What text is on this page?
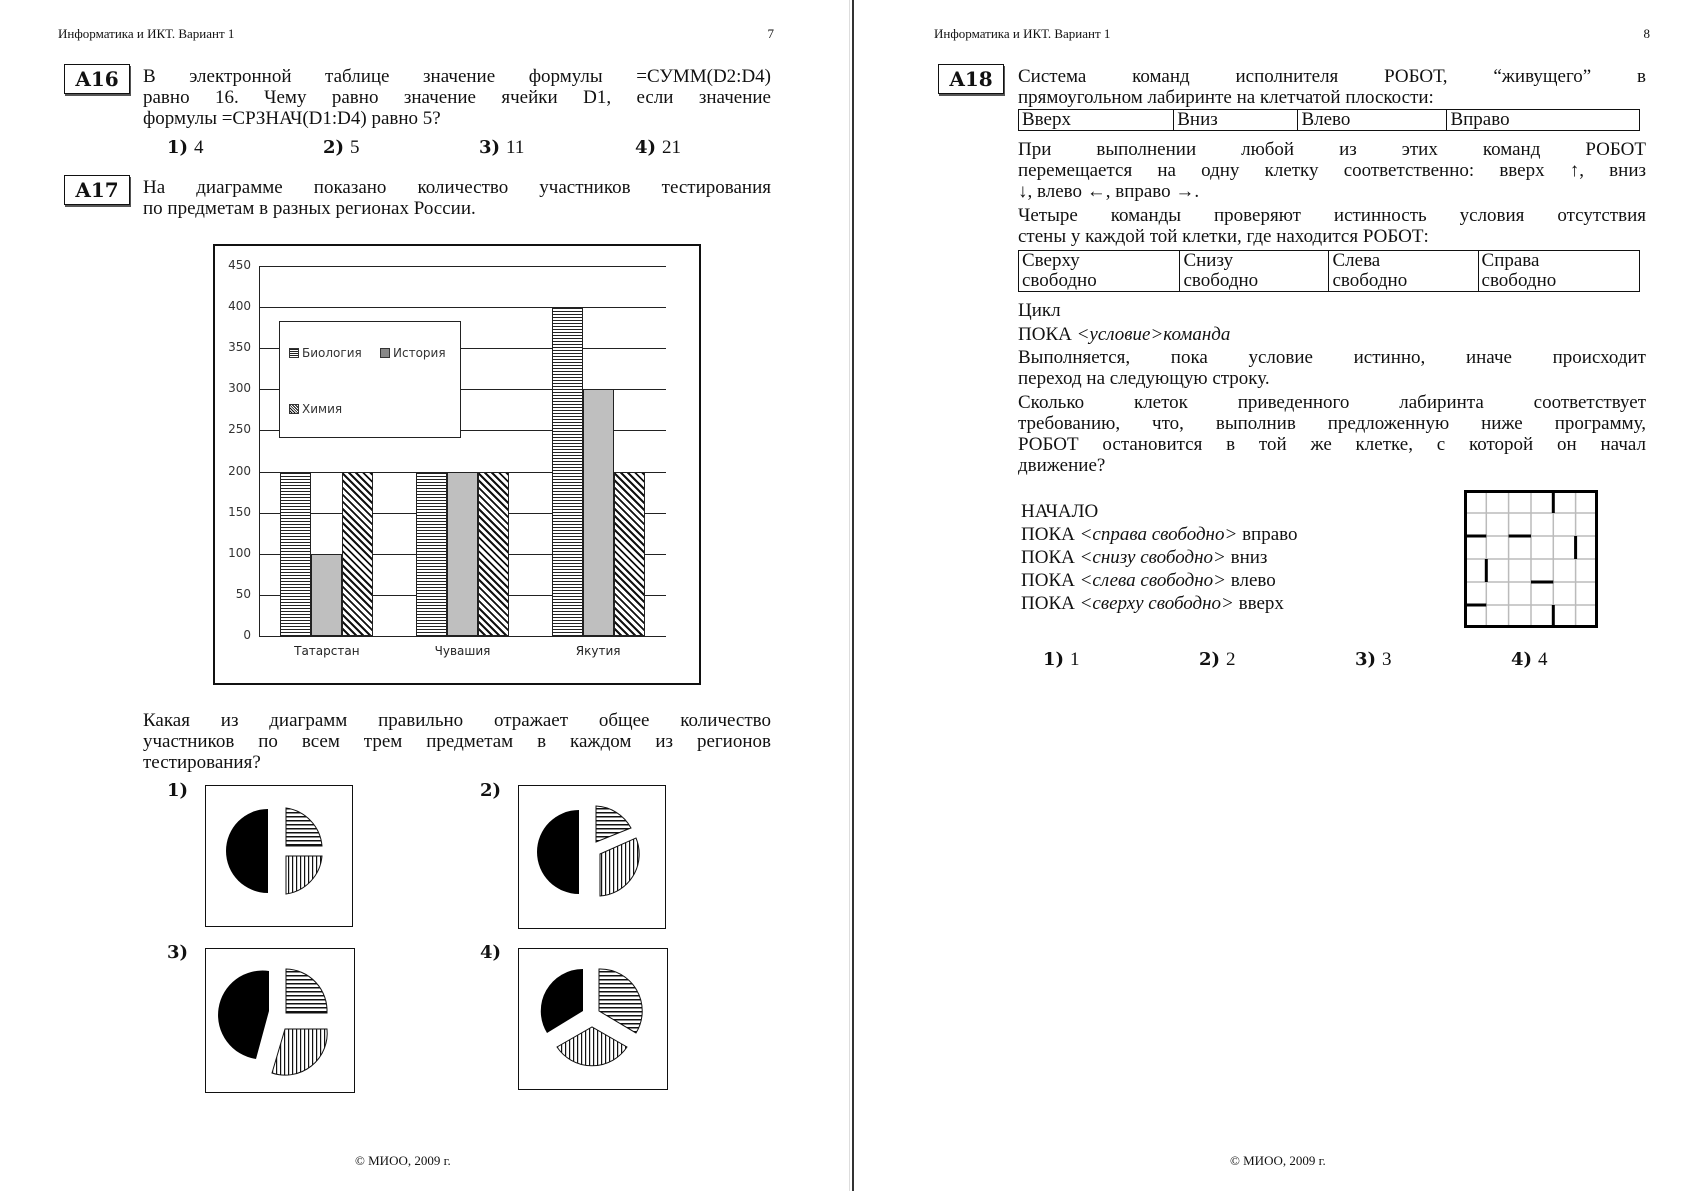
Информатика и ИКТ. Вариант 1	7
A16	В электронной таблице значение формулы =СУММ(D2:D4)
равно 16. Чему равно значение ячейки D1, если значение
формулы =СРЗНАЧ(D1:D4) равно 5?
1) 4	2) 5	3) 11	4) 21
A17	На диаграмме показано количество участников тестирования
по предметам в разных регионах России.
0
50
100
150
200
250
300
350
400
450
Татарстан	Чувашия	Якутия
Биология	История
Химия
Какая из диаграмм правильно отражает общее количество
участников по всем трем предметам в каждом из регионов
тестирования?
1)	2)
3)	4)
© МИОО, 2009 г.
Информатика и ИКТ. Вариант 1	8
A18	Система команд исполнителя РОБОТ, “живущего” в
прямоугольном лабиринте на клетчатой плоскости:
Вверх	Вниз	Влево	Вправо
При выполнении любой из этих команд РОБОТ
перемещается на одну клетку соответственно: вверх ↑, вниз
↓, влево ←, вправо →.
Четыре команды проверяют истинность условия отсутствия
стены у каждой той клетки, где находится РОБОТ:
Сверху
свободно	Снизу
свободно	Слева
свободно	Справа
свободно
Цикл
ПОКА <условие>команда
Выполняется, пока условие истинно, иначе происходит
переход на следующую строку.
Сколько клеток приведенного лабиринта соответствует
требованию, что, выполнив предложенную ниже программу,
РОБОТ остановится в той же клетке, с которой он начал
движение?
НАЧАЛО
ПОКА <справа свободно> вправо
ПОКА <снизу свободно> вниз
ПОКА <слева свободно> влево
ПОКА <сверху свободно> вверх
1) 1	2) 2	3) 3	4) 4
© МИОО, 2009 г.
